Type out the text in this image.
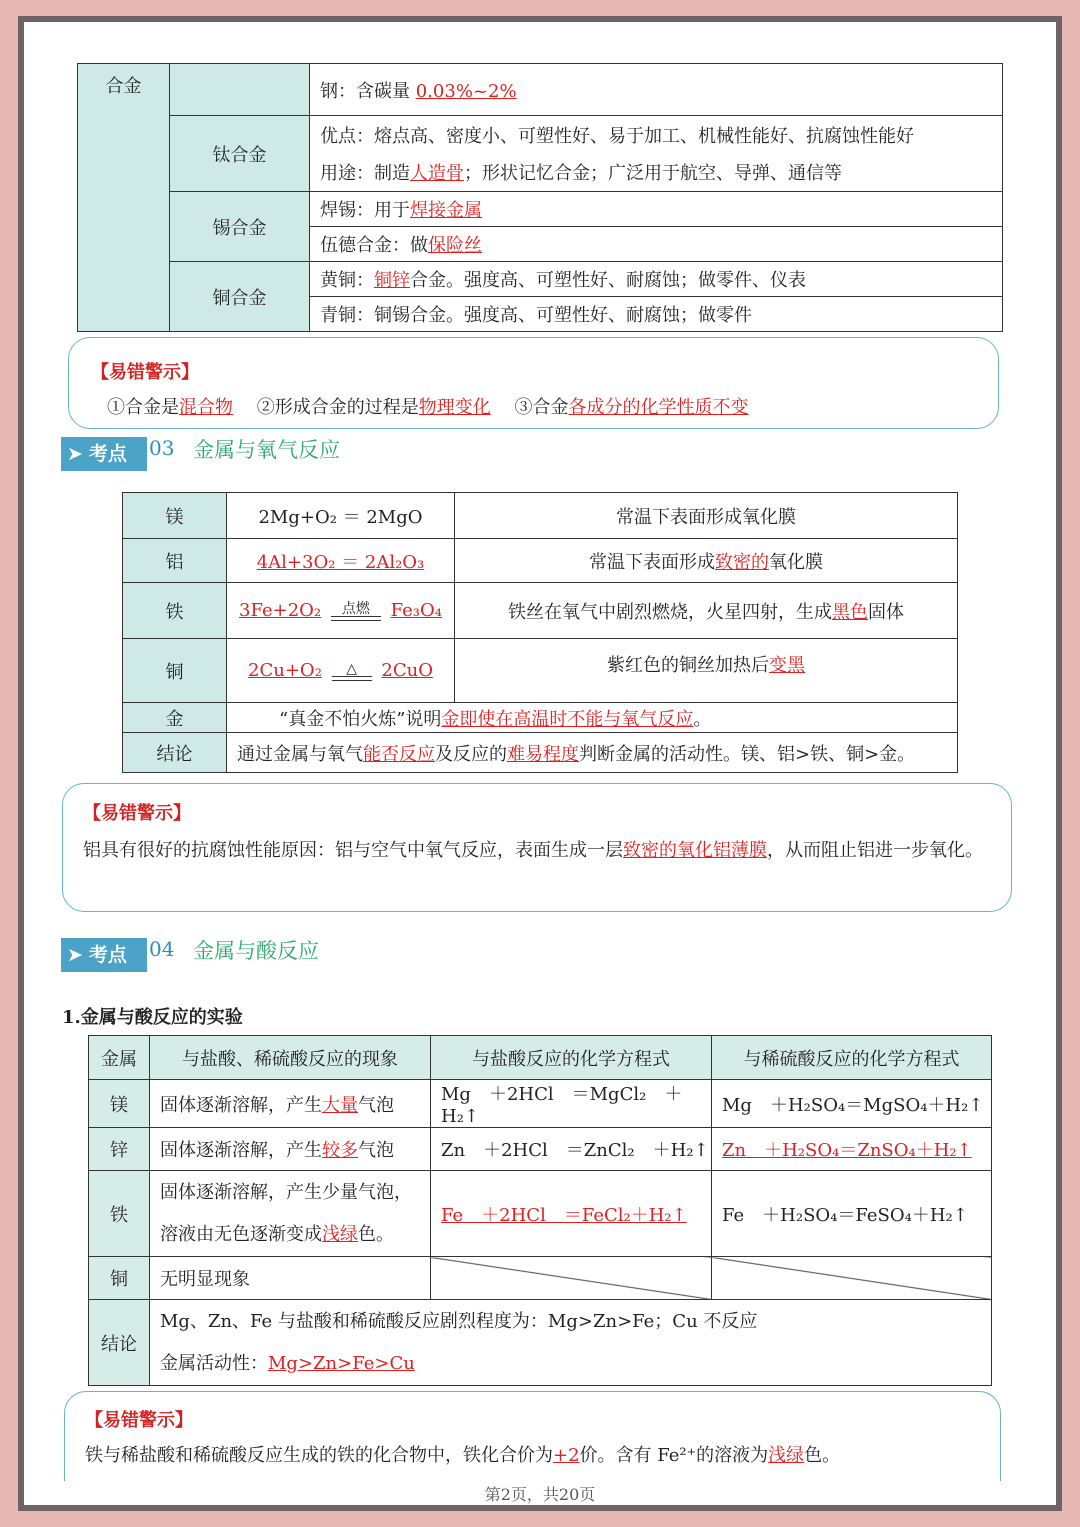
合金		钢：含碳量 0.03%~2%
	钛合金	优点：熔点高、密度小、可塑性好、易于加工、机械性能好、抗腐蚀性能好
		用途：制造人造骨；形状记忆合金；广泛用于航空、导弹、通信等
	锡合金	焊锡：用于焊接金属
		伍德合金：做保险丝
	铜合金	黄铜：铜锌合金。强度高、可塑性好、耐腐蚀；做零件、仪表
		青铜：铜锡合金。强度高、可塑性好、耐腐蚀；做零件
【易错警示】
①合金是混合物　 ②形成合金的过程是物理变化　 ③合金各成分的化学性质不变
➤ 考点	03 金属与氧气反应
镁	2Mg+O₂ ＝ 2MgO	常温下表面形成氧化膜
铝	4Al+3O₂ ＝ 2Al₂O₃	常温下表面形成致密的氧化膜
铁	3Fe+2O₂ 点燃 Fe₃O₄	铁丝在氧气中剧烈燃烧，火星四射，生成黑色固体
铜	2Cu+O₂ △ 2CuO	紫红色的铜丝加热后变黑
金	“真金不怕火炼”说明金即使在高温时不能与氧气反应。	
结论	通过金属与氧气能否反应及反应的难易程度判断金属的活动性。镁、铝>铁、铜>金。	
【易错警示】
铝具有很好的抗腐蚀性能原因：铝与空气中氧气反应，表面生成一层致密的氧化铝薄膜，从而阻止铝进一步氧化。
➤ 考点	04 金属与酸反应
1.金属与酸反应的实验
金属	与盐酸、稀硫酸反应的现象	与盐酸反应的化学方程式	与稀硫酸反应的化学方程式
镁	固体逐渐溶解，产生大量气泡	Mg　＋2HCl　＝MgCl₂　＋H₂↑	Mg　＋H₂SO₄＝MgSO₄＋H₂↑
锌	固体逐渐溶解，产生较多气泡	Zn　＋2HCl　＝ZnCl₂　＋H₂↑	Zn　＋H₂SO₄＝ZnSO₄＋H₂↑
铁	固体逐渐溶解，产生少量气泡，
溶液由无色逐渐变成浅绿色。	Fe　＋2HCl　＝FeCl₂＋H₂↑	Fe　＋H₂SO₄＝FeSO₄＋H₂↑
铜	无明显现象		
结论	Mg、Zn、Fe 与盐酸和稀硫酸反应剧烈程度为：Mg>Zn>Fe；Cu 不反应
金属活动性：Mg>Zn>Fe>Cu		
【易错警示】
铁与稀盐酸和稀硫酸反应生成的铁的化合物中，铁化合价为+2价。含有 Fe²⁺的溶液为浅绿色。
第2页，共20页
